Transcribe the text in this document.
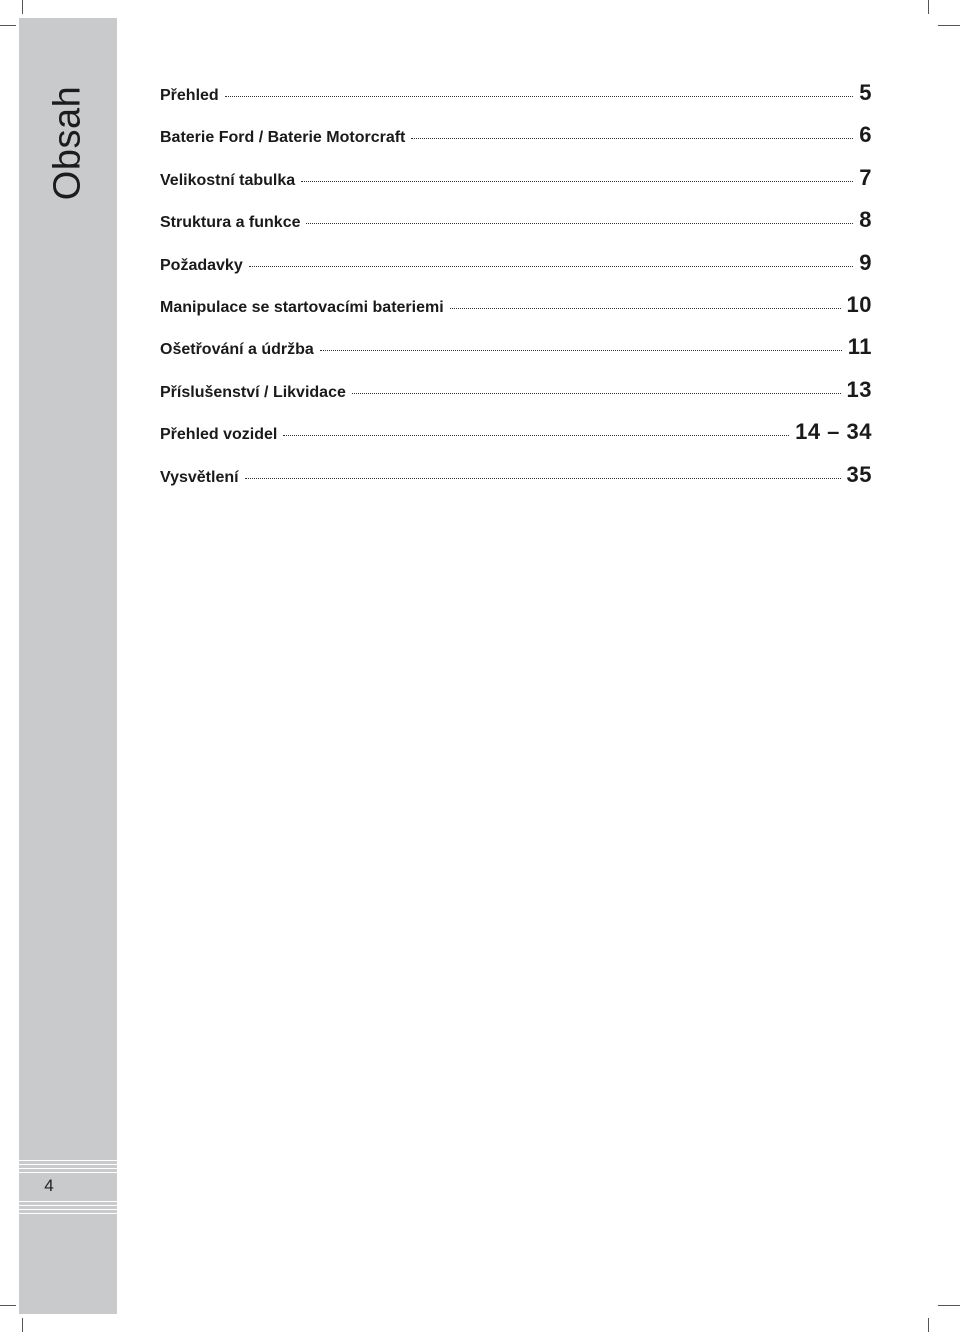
Obsah
4
Přehled	5
Baterie Ford / Baterie Motorcraft	6
Velikostní tabulka	7
Struktura a funkce	8
Požadavky	9
Manipulace se startovacími bateriemi	10
Ošetřování a údržba	11
Příslušenství / Likvidace	13
Přehled vozidel	14 – 34
Vysvětlení	35
